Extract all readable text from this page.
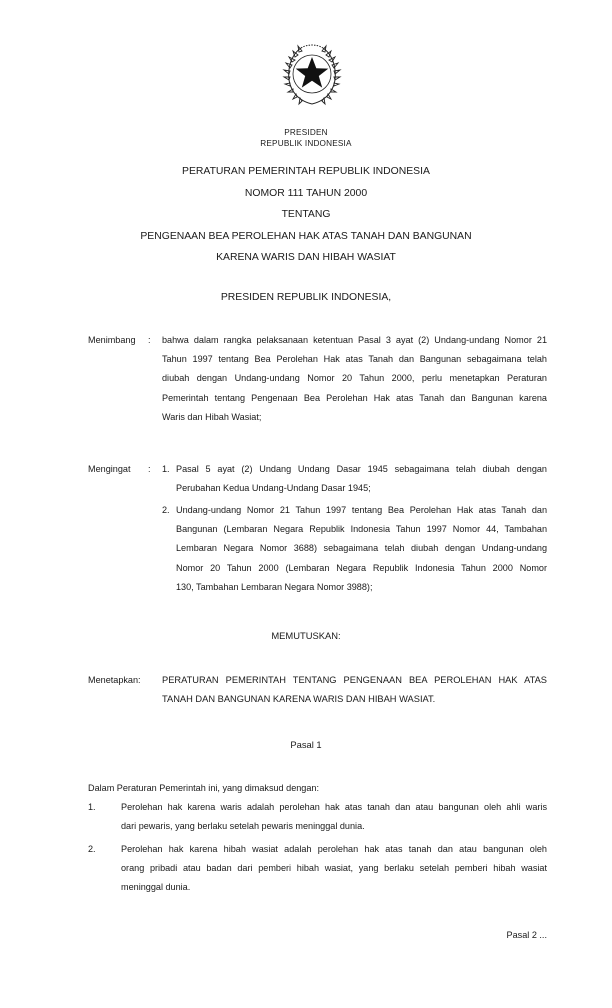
PRESIDEN
REPUBLIK INDONESIA
PERATURAN PEMERINTAH REPUBLIK INDONESIA
NOMOR 111 TAHUN 2000
TENTANG
PENGENAAN BEA PEROLEHAN HAK ATAS TANAH DAN BANGUNAN
KARENA WARIS DAN HIBAH WASIAT
PRESIDEN REPUBLIK INDONESIA,
Menimbang : bahwa dalam rangka pelaksanaan ketentuan Pasal 3 ayat (2) Undang-undang Nomor 21
Tahun 1997 tentang Bea Perolehan Hak atas Tanah dan Bangunan sebagaimana telah
diubah dengan Undang-undang Nomor 20 Tahun 2000, perlu menetapkan Peraturan
Pemerintah tentang Pengenaan Bea Perolehan Hak atas Tanah dan Bangunan karena
Waris dan Hibah Wasiat;
Mengingat : 1. Pasal 5 ayat (2) Undang Undang Dasar 1945 sebagaimana telah diubah dengan
Perubahan Kedua Undang-Undang Dasar 1945;
2. Undang-undang Nomor 21 Tahun 1997 tentang Bea Perolehan Hak atas Tanah dan
Bangunan (Lembaran Negara Republik Indonesia Tahun 1997 Nomor 44, Tambahan
Lembaran Negara Nomor 3688) sebagaimana telah diubah dengan Undang-undang
Nomor 20 Tahun 2000 (Lembaran Negara Republik Indonesia Tahun 2000 Nomor
130, Tambahan Lembaran Negara Nomor 3988);
MEMUTUSKAN:
Menetapkan: PERATURAN PEMERINTAH TENTANG PENGENAAN BEA PEROLEHAN HAK ATAS
TANAH DAN BANGUNAN KARENA WARIS DAN HIBAH WASIAT.
Pasal 1
Dalam Peraturan Pemerintah ini, yang dimaksud dengan:
1.	Perolehan hak karena waris adalah perolehan hak atas tanah dan atau bangunan oleh ahli waris
dari pewaris, yang berlaku setelah pewaris meninggal dunia.
2.	Perolehan hak karena hibah wasiat adalah perolehan hak atas tanah dan atau bangunan oleh
orang pribadi atau badan dari pemberi hibah wasiat, yang berlaku setelah pemberi hibah wasiat
meninggal dunia.
Pasal 2 ...
